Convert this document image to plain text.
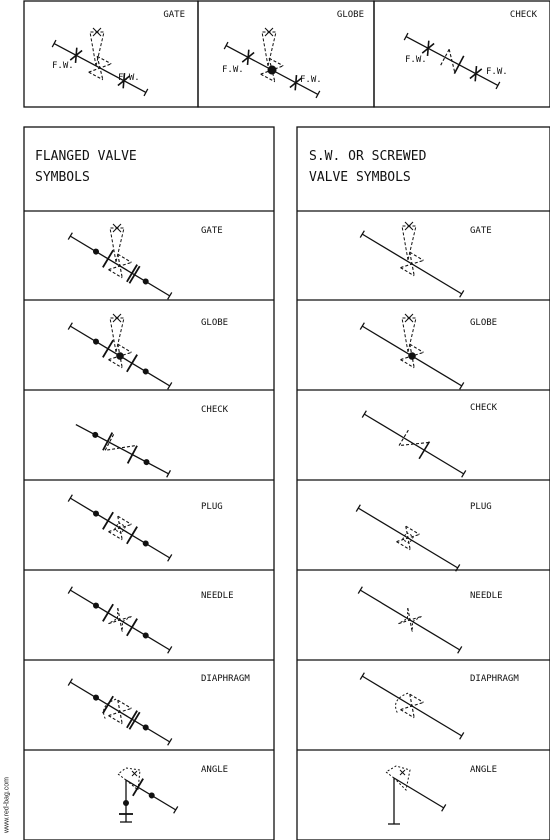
GATE
F.W.
F.W.
GLOBE
F.W.
F.W.
CHECK
F.W.
F.W.
FLANGED VALVE
SYMBOLS
S.W. OR SCREWED
VALVE SYMBOLS
GATE
GLOBE
CHECK
PLUG
NEEDLE
DIAPHRAGM
ANGLE
GATE
GLOBE
CHECK
PLUG
NEEDLE
DIAPHRAGM
ANGLE
www.red-bag.com
